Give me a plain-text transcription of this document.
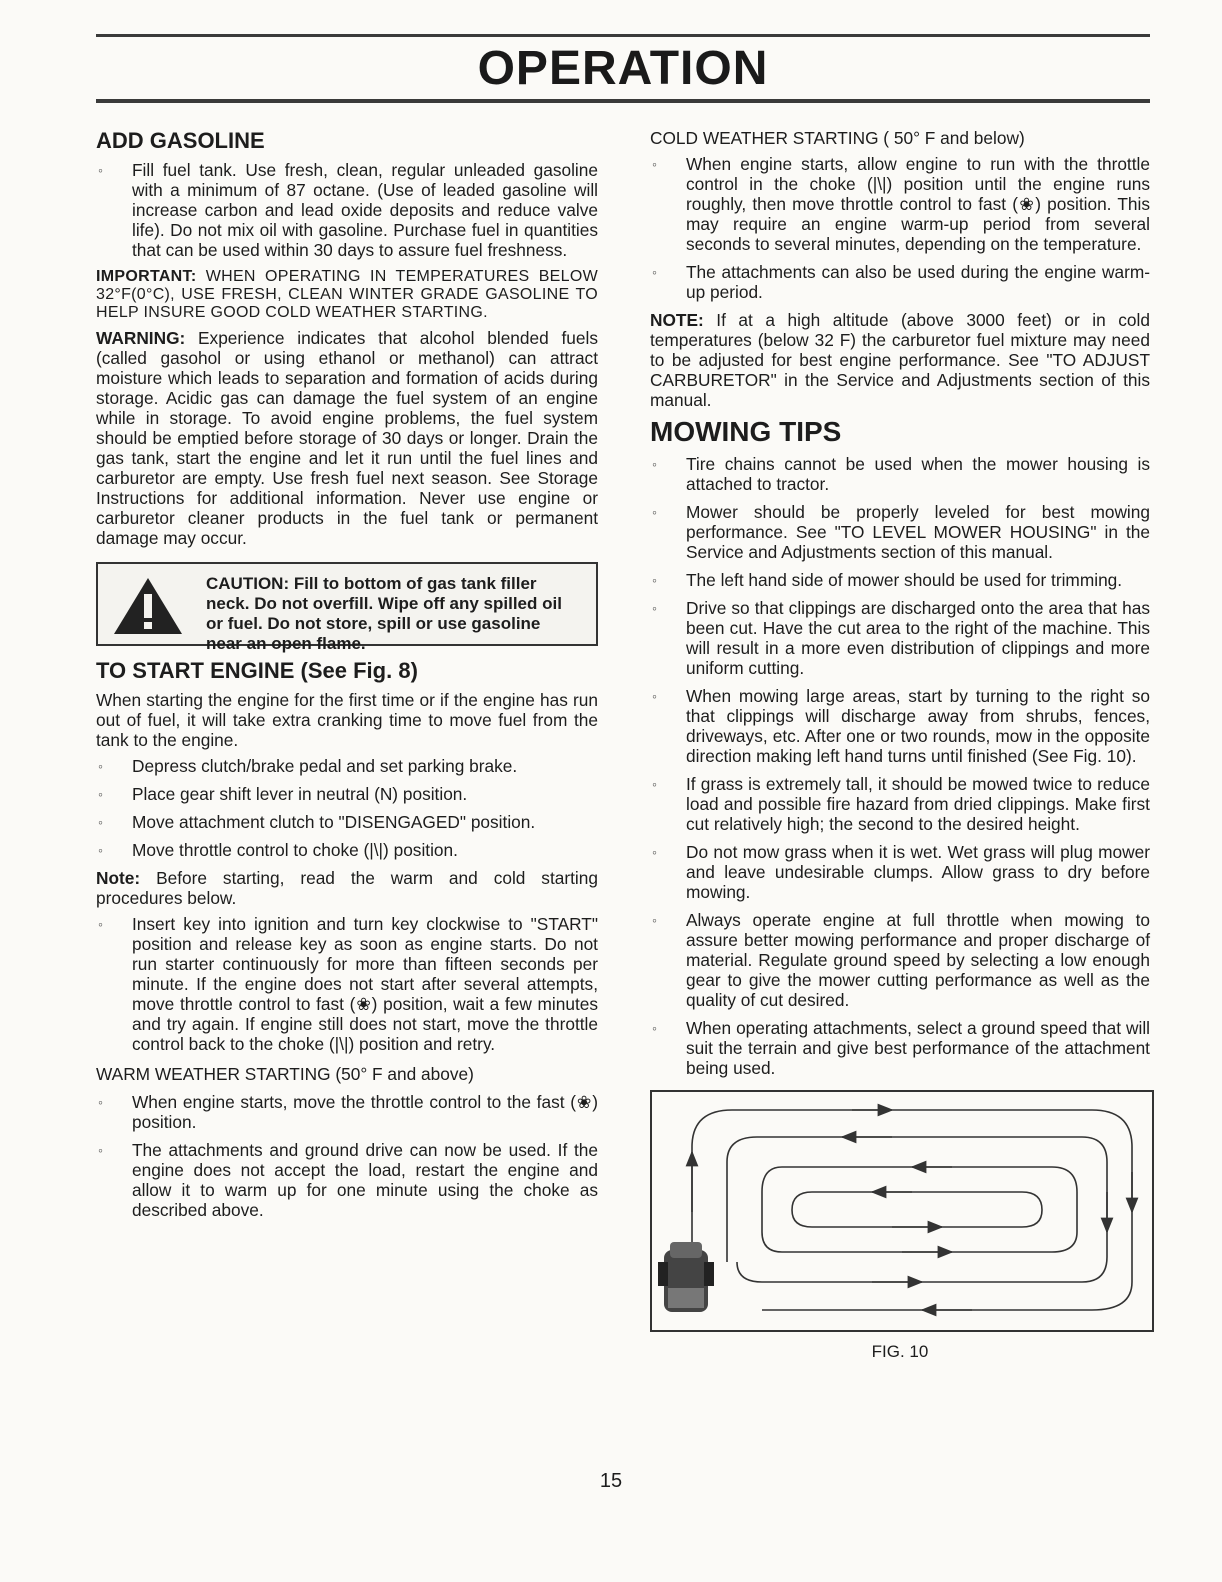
OPERATION
ADD GASOLINE
◦ Fill fuel tank. Use fresh, clean, regular unleaded gasoline with a minimum of 87 octane. (Use of leaded gasoline will increase carbon and lead oxide deposits and reduce valve life). Do not mix oil with gasoline. Purchase fuel in quantities that can be used within 30 days to assure fuel freshness.

IMPORTANT: WHEN OPERATING IN TEMPERATURES BELOW 32°F(0°C), USE FRESH, CLEAN WINTER GRADE GASOLINE TO HELP INSURE GOOD COLD WEATHER STARTING.

WARNING: Experience indicates that alcohol blended fuels (called gasohol or using ethanol or methanol) can attract moisture which leads to separation and formation of acids during storage. Acidic gas can damage the fuel system of an engine while in storage. To avoid engine problems, the fuel system should be emptied before storage of 30 days or longer. Drain the gas tank, start the engine and let it run until the fuel lines and carburetor are empty. Use fresh fuel next season. See Storage Instructions for additional information. Never use engine or carburetor cleaner products in the fuel tank or permanent damage may occur.

CAUTION: Fill to bottom of gas tank filler neck. Do not overfill. Wipe off any spilled oil or fuel. Do not store, spill or use gasoline near an open flame.
TO START ENGINE (See Fig. 8)

When starting the engine for the first time or if the engine has run out of fuel, it will take extra cranking time to move fuel from the tank to the engine.

◦ Depress clutch/brake pedal and set parking brake.
◦ Place gear shift lever in neutral (N) position.
◦ Move attachment clutch to "DISENGAGED" position.
◦ Move throttle control to choke (|\|) position.

Note: Before starting, read the warm and cold starting procedures below.

◦ Insert key into ignition and turn key clockwise to "START" position and release key as soon as engine starts. Do not run starter continuously for more than fifteen seconds per minute. If the engine does not start after several attempts, move throttle control to fast (❀) position, wait a few minutes and try again. If engine still does not start, move the throttle control back to the choke (|\|) position and retry.

WARM WEATHER STARTING (50° F and above)

◦ When engine starts, move the throttle control to the fast (❀) position.
◦ The attachments and ground drive can now be used. If the engine does not accept the load, restart the engine and allow it to warm up for one minute using the choke as described above.

COLD WEATHER STARTING ( 50° F and below)

◦ When engine starts, allow engine to run with the throttle control in the choke (|\|) position until the engine runs roughly, then move throttle control to fast (❀) position. This may require an engine warm-up period from several seconds to several minutes, depending on the temperature.
◦ The attachments can also be used during the engine warm-up period.

NOTE: If at a high altitude (above 3000 feet) or in cold temperatures (below 32 F) the carburetor fuel mixture may need to be adjusted for best engine performance. See "TO ADJUST CARBURETOR" in the Service and Adjustments section of this manual.

MOWING TIPS
◦ Tire chains cannot be used when the mower housing is attached to tractor.
◦ Mower should be properly leveled for best mowing performance. See "TO LEVEL MOWER HOUSING" in the Service and Adjustments section of this manual.
◦ The left hand side of mower should be used for trimming.
◦ Drive so that clippings are discharged onto the area that has been cut. Have the cut area to the right of the machine. This will result in a more even distribution of clippings and more uniform cutting.
◦ When mowing large areas, start by turning to the right so that clippings will discharge away from shrubs, fences, driveways, etc. After one or two rounds, mow in the opposite direction making left hand turns until finished (See Fig. 10).
◦ If grass is extremely tall, it should be mowed twice to reduce load and possible fire hazard from dried clippings. Make first cut relatively high; the second to the desired height.
◦ Do not mow grass when it is wet. Wet grass will plug mower and leave undesirable clumps. Allow grass to dry before mowing.
◦ Always operate engine at full throttle when mowing to assure better mowing performance and proper discharge of material. Regulate ground speed by selecting a low enough gear to give the mower cutting performance as well as the quality of cut desired.
◦ When operating attachments, select a ground speed that will suit the terrain and give best performance of the attachment being used.
FIG. 10
15
